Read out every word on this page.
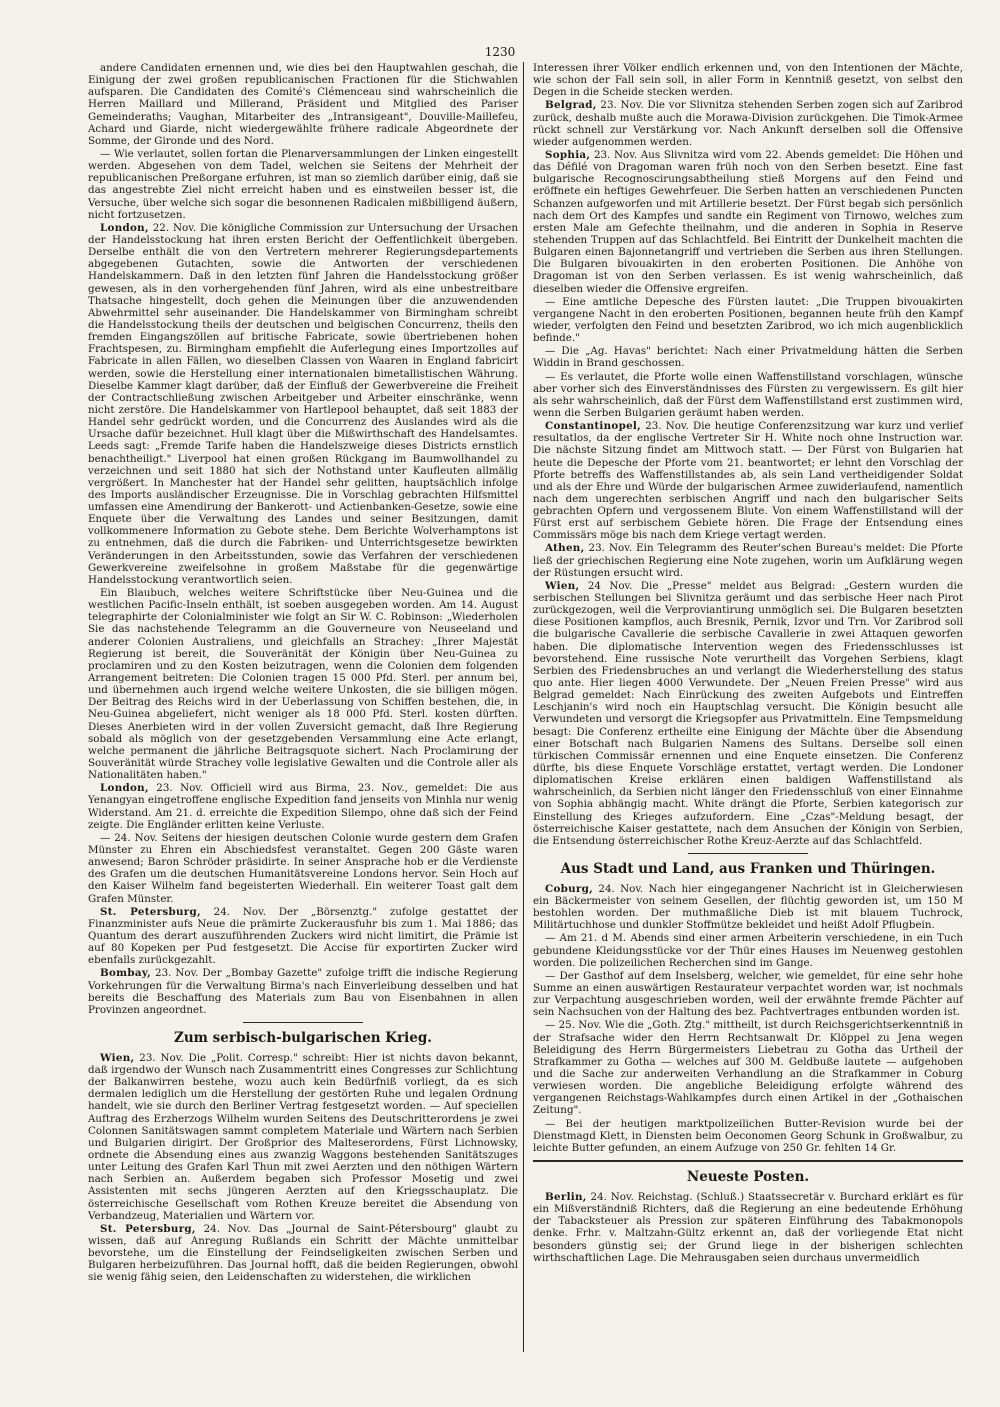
1230

andere Candidaten ernennen und, wie dies bei den Hauptwahlen geschah, die Einigung der zwei großen republicanischen Fractionen für die Stichwahlen aufsparen. Die Candidaten des Comité's Clémenceau sind wahrscheinlich die Herren Maillard und Millerand, Präsident und Mitglied des Pariser Gemeinderaths; Vaughan, Mitarbeiter des „Intransigeant", Douville-Maillefeu, Achard und Giarde, nicht wiedergewählte frühere radicale Abgeordnete der Somme, der Gironde und des Nord.

— Wie verlautet, sollen fortan die Plenarversammlungen der Linken eingestellt werden. Abgesehen von dem Tadel, welchen sie Seitens der Mehrheit der republicanischen Preßorgane erfuhren, ist man so ziemlich darüber einig, daß sie das angestrebte Ziel nicht erreicht haben und es einstweilen besser ist, die Versuche, über welche sich sogar die besonnenen Radicalen mißbilligend äußern, nicht fortzusetzen.

London, 22. Nov. Die königliche Commission zur Untersuchung der Ursachen der Handelsstockung hat ihren ersten Bericht der Oeffentlichkeit übergeben. Derselbe enthält die von den Vertretern mehrerer Regierungsdepartements abgegebenen Gutachten, sowie die Antworten der verschiedenen Handelskammern. Daß in den letzten fünf Jahren die Handelsstockung größer gewesen, als in den vorhergehenden fünf Jahren, wird als eine unbestreitbare Thatsache hingestellt, doch gehen die Meinungen über die anzuwendenden Abwehrmittel sehr auseinander. Die Handelskammer von Birmingham schreibt die Handelsstockung theils der deutschen und belgischen Concurrenz, theils den fremden Eingangszöllen auf britische Fabricate, sowie übertriebenen hohen Frachtspesen, zu. Birmingham empfiehlt die Auferlegung eines Importzolles auf Fabricate in allen Fällen, wo dieselben Classen von Waaren in England fabricirt werden, sowie die Herstellung einer internationalen bimetallistischen Währung. Dieselbe Kammer klagt darüber, daß der Einfluß der Gewerbvereine die Freiheit der Contractschließung zwischen Arbeitgeber und Arbeiter einschränke, wenn nicht zerstöre. Die Handelskammer von Hartlepool behauptet, daß seit 1883 der Handel sehr gedrückt worden, und die Concurrenz des Auslandes wird als die Ursache dafür bezeichnet. Hull klagt über die Mißwirthschaft des Handelsamtes. Leeds sagt: „Fremde Tarife haben die Handelszweige dieses Districts ernstlich benachtheiligt." Liverpool hat einen großen Rückgang im Baumwollhandel zu verzeichnen und seit 1880 hat sich der Nothstand unter Kaufleuten allmälig vergrößert. In Manchester hat der Handel sehr gelitten, hauptsächlich infolge des Imports ausländischer Erzeugnisse. Die in Vorschlag gebrachten Hilfsmittel umfassen eine Amendirung der Bankerott- und Actienbanken-Gesetze, sowie eine Enquete über die Verwaltung des Landes und seiner Besitzungen, damit vollkommenere Information zu Gebote stehe. Dem Berichte Wolverhamptons ist zu entnehmen, daß die durch die Fabriken- und Unterrichtsgesetze bewirkten Veränderungen in den Arbeitsstunden, sowie das Verfahren der verschiedenen Gewerkvereine zweifelsohne in großem Maßstabe für die gegenwärtige Handelsstockung verantwortlich seien.

Ein Blaubuch, welches weitere Schriftstücke über Neu-Guinea und die westlichen Pacific-Inseln enthält, ist soeben ausgegeben worden. Am 14. August telegraphirte der Colonialminister wie folgt an Sir W. C. Robinson: „Wiederholen Sie das nachstehende Telegramm an die Gouverneure von Neuseeland und anderer Colonien Australiens, und gleichfalls an Strachey: „Ihrer Majestät Regierung ist bereit, die Souveränität der Königin über Neu-Guinea zu proclamiren und zu den Kosten beizutragen, wenn die Colonien dem folgenden Arrangement beitreten: Die Colonien tragen 15 000 Pfd. Sterl. per annum bei, und übernehmen auch irgend welche weitere Unkosten, die sie billigen mögen. Der Beitrag des Reichs wird in der Ueberlassung von Schiffen bestehen, die, in Neu-Guinea abgeliefert, nicht weniger als 18 000 Pfd. Sterl. kosten dürften. Dieses Anerbieten wird in der vollen Zuversicht gemacht, daß Ihre Regierung sobald als möglich von der gesetzgebenden Versammlung eine Acte erlangt, welche permanent die jährliche Beitragsquote sichert. Nach Proclamirung der Souveränität würde Strachey volle legislative Gewalten und die Controle aller als Nationalitäten haben."

London, 23. Nov. Officiell wird aus Birma, 23. Nov., gemeldet: Die aus Yenangyan eingetroffene englische Expedition fand jenseits von Minhla nur wenig Widerstand. Am 21. d. erreichte die Expedition Silempo, ohne daß sich der Feind zeigte. Die Engländer erlitten keine Verluste.

— 24. Nov. Seitens der hiesigen deutschen Colonie wurde gestern dem Grafen Münster zu Ehren ein Abschiedsfest veranstaltet. Gegen 200 Gäste waren anwesend; Baron Schröder präsidirte. In seiner Ansprache hob er die Verdienste des Grafen um die deutschen Humanitätsvereine Londons hervor. Sein Hoch auf den Kaiser Wilhelm fand begeisterten Wiederhall. Ein weiterer Toast galt dem Grafen Münster.

St. Petersburg, 24. Nov. Der „Börsenztg." zufolge gestattet der Finanzminister aufs Neue die prämirte Zuckerausfuhr bis zum 1. Mai 1886; das Quantum des derart auszuführenden Zuckers wird nicht limitirt, die Prämie ist auf 80 Kopeken per Pud festgesetzt. Die Accise für exportirten Zucker wird ebenfalls zurückgezahlt.

Bombay, 23. Nov. Der „Bombay Gazette" zufolge trifft die indische Regierung Vorkehrungen für die Verwaltung Birma's nach Einverleibung desselben und hat bereits die Beschaffung des Materials zum Bau von Eisenbahnen in allen Provinzen angeordnet.

Zum serbisch-bulgarischen Krieg.

Wien, 23. Nov. Die „Polit. Corresp." schreibt: Hier ist nichts davon bekannt, daß irgendwo der Wunsch nach Zusammentritt eines Congresses zur Schlichtung der Balkanwirren bestehe, wozu auch kein Bedürfniß vorliegt, da es sich dermalen lediglich um die Herstellung der gestörten Ruhe und legalen Ordnung handelt, wie sie durch den Berliner Vertrag festgesetzt worden. — Auf speciellen Auftrag des Erzherzogs Wilhelm wurden Seitens des Deutschritterordens je zwei Colonnen Sanitätswagen sammt completem Materiale und Wärtern nach Serbien und Bulgarien dirigirt. Der Großprior des Malteserordens, Fürst Lichnowsky, ordnete die Absendung eines aus zwanzig Waggons bestehenden Sanitätszuges unter Leitung des Grafen Karl Thun mit zwei Aerzten und den nöthigen Wärtern nach Serbien an. Außerdem begaben sich Professor Mosetig und zwei Assistenten mit sechs jüngeren Aerzten auf den Kriegsschauplatz. Die österreichische Gesellschaft vom Rothen Kreuze bereitet die Absendung von Verbandzeug, Materialien und Wärtern vor.

St. Petersburg, 24. Nov. Das „Journal de Saint-Pétersbourg" glaubt zu wissen, daß auf Anregung Rußlands ein Schritt der Mächte unmittelbar bevorstehe, um die Einstellung der Feindseligkeiten zwischen Serben und Bulgaren herbeizuführen. Das Journal hofft, daß die beiden Regierungen, obwohl sie wenig fähig seien, den Leidenschaften zu widerstehen, die wirklichen

Interessen ihrer Völker endlich erkennen und, von den Intentionen der Mächte, wie schon der Fall sein soll, in aller Form in Kenntniß gesetzt, von selbst den Degen in die Scheide stecken werden.

Belgrad, 23. Nov. Die vor Slivnitza stehenden Serben zogen sich auf Zaribrod zurück, deshalb mußte auch die Morawa-Division zurückgehen. Die Timok-Armee rückt schnell zur Verstärkung vor. Nach Ankunft derselben soll die Offensive wieder aufgenommen werden.

Sophia, 23. Nov. Aus Slivnitza wird vom 22. Abends gemeldet: Die Höhen und das Défilé von Dragoman waren früh noch von den Serben besetzt. Eine fast bulgarische Recognoscirungsabtheilung stieß Morgens auf den Feind und eröffnete ein heftiges Gewehrfeuer. Die Serben hatten an verschiedenen Puncten Schanzen aufgeworfen und mit Artillerie besetzt. Der Fürst begab sich persönlich nach dem Ort des Kampfes und sandte ein Regiment von Tirnowo, welches zum ersten Male am Gefechte theilnahm, und die anderen in Sophia in Reserve stehenden Truppen auf das Schlachtfeld. Bei Eintritt der Dunkelheit machten die Bulgaren einen Bajonnetangriff und vertrieben die Serben aus ihren Stellungen. Die Bulgaren bivouakirten in den eroberten Positionen. Die Anhöhe von Dragoman ist von den Serben verlassen. Es ist wenig wahrscheinlich, daß dieselben wieder die Offensive ergreifen.

— Eine amtliche Depesche des Fürsten lautet: „Die Truppen bivouakirten vergangene Nacht in den eroberten Positionen, begannen heute früh den Kampf wieder, verfolgten den Feind und besetzten Zaribrod, wo ich mich augenblicklich befinde."

— Die „Ag. Havas" berichtet: Nach einer Privatmeldung hätten die Serben Widdin in Brand geschossen.

— Es verlautet, die Pforte wolle einen Waffenstillstand vorschlagen, wünsche aber vorher sich des Einverständnisses des Fürsten zu vergewissern. Es gilt hier als sehr wahrscheinlich, daß der Fürst dem Waffenstillstand erst zustimmen wird, wenn die Serben Bulgarien geräumt haben werden.

Constantinopel, 23. Nov. Die heutige Conferenzsitzung war kurz und verlief resultatlos, da der englische Vertreter Sir H. White noch ohne Instruction war. Die nächste Sitzung findet am Mittwoch statt. — Der Fürst von Bulgarien hat heute die Depesche der Pforte vom 21. beantwortet; er lehnt den Vorschlag der Pforte betreffs des Waffenstillstandes ab, als sein Land vertheidigender Soldat und als der Ehre und Würde der bulgarischen Armee zuwiderlaufend, namentlich nach dem ungerechten serbischen Angriff und nach den bulgarischer Seits gebrachten Opfern und vergossenem Blute. Von einem Waffenstillstand will der Fürst erst auf serbischem Gebiete hören. Die Frage der Entsendung eines Commissärs möge bis nach dem Kriege vertagt werden.

Athen, 23. Nov. Ein Telegramm des Reuter'schen Bureau's meldet: Die Pforte ließ der griechischen Regierung eine Note zugehen, worin um Aufklärung wegen der Rüstungen ersucht wird.

Wien, 24 Nov. Die „Presse" meldet aus Belgrad: „Gestern wurden die serbischen Stellungen bei Slivnitza geräumt und das serbische Heer nach Pirot zurückgezogen, weil die Verproviantirung unmöglich sei. Die Bulgaren besetzten diese Positionen kampflos, auch Bresnik, Pernik, Izvor und Trn. Vor Zaribrod soll die bulgarische Cavallerie die serbische Cavallerie in zwei Attaquen geworfen haben. Die diplomatische Intervention wegen des Friedensschlusses ist bevorstehend. Eine russische Note verurtheilt das Vorgehen Serbiens, klagt Serbien des Friedensbruches an und verlangt die Wiederherstellung des status quo ante. Hier liegen 4000 Verwundete. Der „Neuen Freien Presse" wird aus Belgrad gemeldet: Nach Einrückung des zweiten Aufgebots und Eintreffen Leschjanin's wird noch ein Hauptschlag versucht. Die Königin besucht alle Verwundeten und versorgt die Kriegsopfer aus Privatmitteln. Eine Tempsmeldung besagt: Die Conferenz ertheilte eine Einigung der Mächte über die Absendung einer Botschaft nach Bulgarien Namens des Sultans. Derselbe soll einen türkischen Commissär ernennen und eine Enquete einsetzen. Die Conferenz dürfte, bis diese Enquete Vorschläge erstattet, vertagt werden. Die Londoner diplomatischen Kreise erklären einen baldigen Waffenstillstand als wahrscheinlich, da Serbien nicht länger den Friedensschluß von einer Einnahme von Sophia abhängig macht. White drängt die Pforte, Serbien kategorisch zur Einstellung des Krieges aufzufordern. Eine „Czas"-Meldung besagt, der österreichische Kaiser gestattete, nach dem Ansuchen der Königin von Serbien, die Entsendung österreichischer Rothe Kreuz-Aerzte auf das Schlachtfeld.

Aus Stadt und Land, aus Franken und Thüringen.

Coburg, 24. Nov. Nach hier eingegangener Nachricht ist in Gleicherwiesen ein Bäckermeister von seinem Gesellen, der flüchtig geworden ist, um 150 M bestohlen worden. Der muthmaßliche Dieb ist mit blauem Tuchrock, Militärtuchhose und dunkler Stoffmütze bekleidet und heißt Adolf Pflugbein.

— Am 21. d M. Abends sind einer armen Arbeiterin verschiedene, in ein Tuch gebundene Kleidungsstücke vor der Thür eines Hauses im Neuenweg gestohlen worden. Die polizeilichen Recherchen sind im Gange.

— Der Gasthof auf dem Inselsberg, welcher, wie gemeldet, für eine sehr hohe Summe an einen auswärtigen Restaurateur verpachtet worden war, ist nochmals zur Verpachtung ausgeschrieben worden, weil der erwähnte fremde Pächter auf sein Nachsuchen von der Haltung des bez. Pachtvertrages entbunden worden ist.

— 25. Nov. Wie die „Goth. Ztg." mittheilt, ist durch Reichsgerichtserkenntniß in der Strafsache wider den Herrn Rechtsanwalt Dr. Klöppel zu Jena wegen Beleidigung des Herrn Bürgermeisters Liebetrau zu Gotha das Urtheil der Strafkammer zu Gotha — welches auf 300 M. Geldbuße lautete — aufgehoben und die Sache zur anderweiten Verhandlung an die Strafkammer in Coburg verwiesen worden. Die angebliche Beleidigung erfolgte während des vergangenen Reichstags-Wahlkampfes durch einen Artikel in der „Gothaischen Zeitung".

— Bei der heutigen marktpolizeilichen Butter-Revision wurde bei der Dienstmagd Klett, in Diensten beim Oeconomen Georg Schunk in Großwalbur, zu leichte Butter gefunden, an einem Aufzuge von 250 Gr. fehlten 14 Gr.

Neueste Posten.

Berlin, 24. Nov. Reichstag. (Schluß.) Staatssecretär v. Burchard erklärt es für ein Mißverständniß Richters, daß die Regierung an eine bedeutende Erhöhung der Tabacksteuer als Pression zur späteren Einführung des Tabakmonopols denke. Frhr. v. Maltzahn-Gültz erkennt an, daß der vorliegende Etat nicht besonders günstig sei; der Grund liege in der bisherigen schlechten wirthschaftlichen Lage. Die Mehrausgaben seien durchaus unvermeidlich
